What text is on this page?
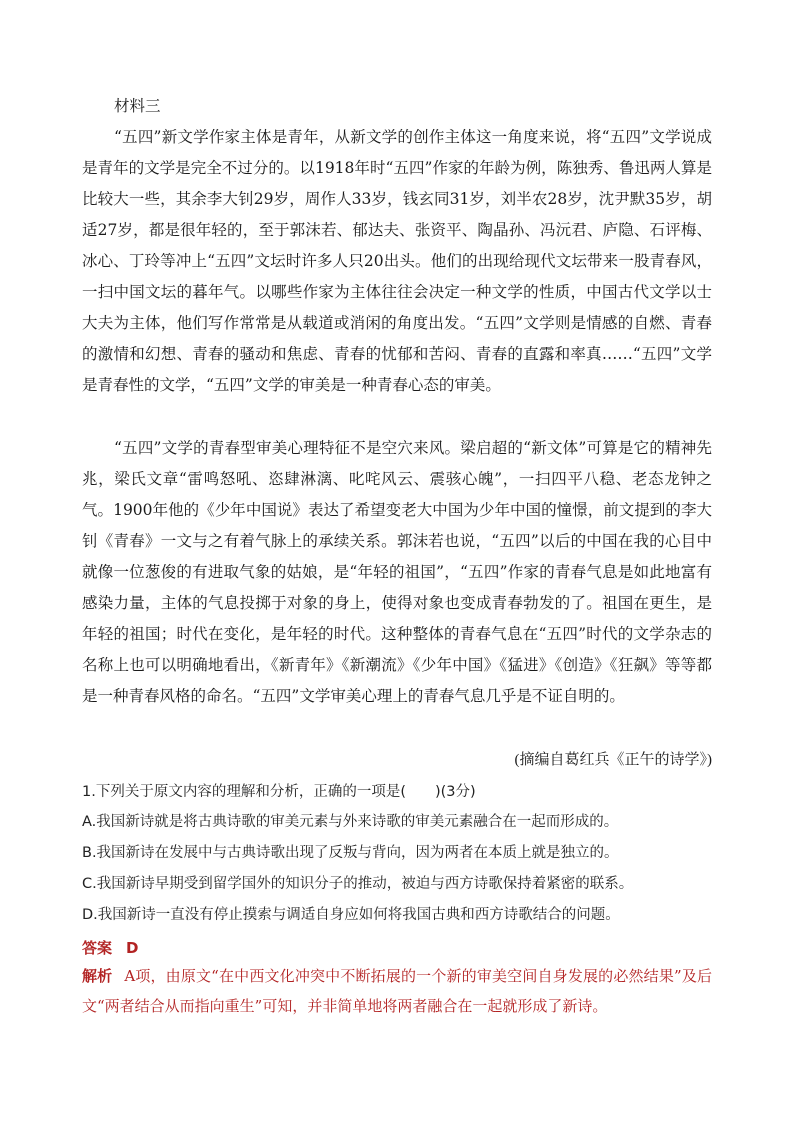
材料三

“五四”新文学作家主体是青年，从新文学的创作主体这一角度来说，将“五四”文学说成是青年的文学是完全不过分的。以1918年时“五四”作家的年龄为例，陈独秀、鲁迅两人算是比较大一些，其余李大钊29岁，周作人33岁，钱玄同31岁，刘半农28岁，沈尹默35岁，胡适27岁，都是很年轻的，至于郭沫若、郁达夫、张资平、陶晶孙、冯沅君、庐隐、石评梅、冰心、丁玲等冲上“五四”文坛时许多人只20出头。他们的出现给现代文坛带来一股青春风，一扫中国文坛的暮年气。以哪些作家为主体往往会决定一种文学的性质，中国古代文学以士大夫为主体，他们写作常常是从载道或消闲的角度出发。“五四”文学则是情感的自燃、青春的激情和幻想、青春的骚动和焦虑、青春的忧郁和苦闷、青春的直露和率真……“五四”文学是青春性的文学，“五四”文学的审美是一种青春心态的审美。

“五四”文学的青春型审美心理特征不是空穴来风。梁启超的“新文体”可算是它的精神先兆，梁氏文章“雷鸣怒吼、恣肆淋漓、叱咤风云、震骇心魄”，一扫四平八稳、老态龙钟之气。1900年他的《少年中国说》表达了希望变老大中国为少年中国的憧憬，前文提到的李大钊《青春》一文与之有着气脉上的承续关系。郭沫若也说，“五四”以后的中国在我的心目中就像一位葱俊的有进取气象的姑娘，是“年轻的祖国”，“五四”作家的青春气息是如此地富有感染力量，主体的气息投掷于对象的身上，使得对象也变成青春勃发的了。祖国在更生，是年轻的祖国；时代在变化，是年轻的时代。这种整体的青春气息在“五四”时代的文学杂志的名称上也可以明确地看出，《新青年》《新潮流》《少年中国》《猛进》《创造》《狂飙》等等都是一种青春风格的命名。“五四”文学审美心理上的青春气息几乎是不证自明的。

(摘编自葛红兵《正午的诗学》)
1.下列关于原文内容的理解和分析，正确的一项是(　　)(3分)
A.我国新诗就是将古典诗歌的审美元素与外来诗歌的审美元素融合在一起而形成的。
B.我国新诗在发展中与古典诗歌出现了反叛与背向，因为两者在本质上就是独立的。
C.我国新诗早期受到留学国外的知识分子的推动，被迫与西方诗歌保持着紧密的联系。
D.我国新诗一直没有停止摸索与调适自身应如何将我国古典和西方诗歌结合的问题。
答案 D
解析 A项，由原文“在中西文化冲突中不断拓展的一个新的审美空间自身发展的必然结果”及后文“两者结合从而指向重生”可知，并非简单地将两者融合在一起就形成了新诗。
